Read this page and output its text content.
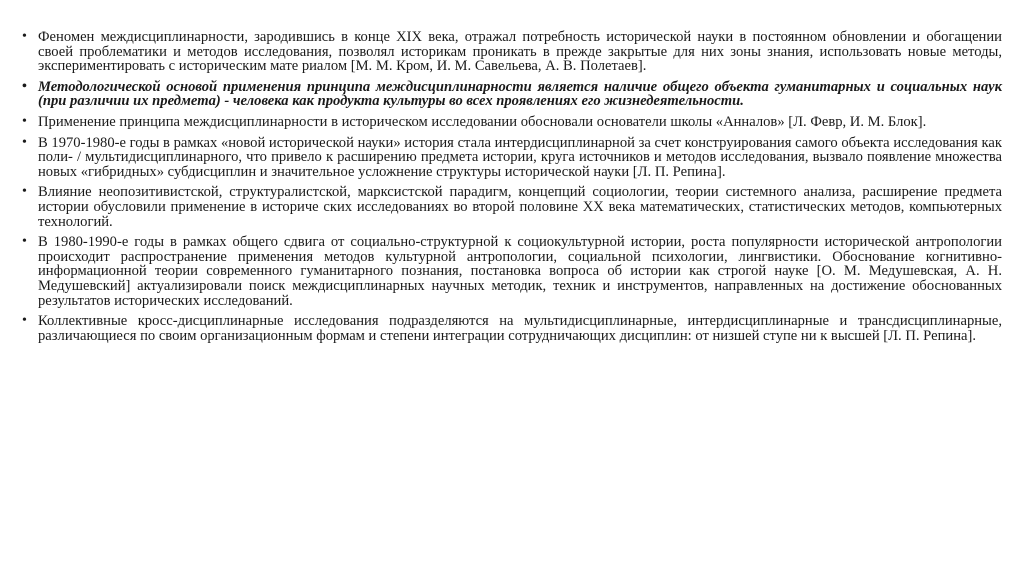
• Феномен междисциплинарности, зародившись в конце XIX века, отражал потребность исторической науки в постоянном обновлении и обогащении своей проблематики и методов исследования, позволял историкам проникать в прежде закрытые для них зоны знания, использовать новые методы, экспериментировать с историческим мате риалом [М. М. Кром, И. М. Савельева, А. В. Полетаев].
• Методологической основой применения принципа междисциплинарности является наличие общего объекта гуманитарных и социальных наук (при различии их предмета) - человека как продукта культуры во всех проявлениях его жизнедеятельности.
• Применение принципа междисциплинарности в историческом исследовании обосновали основатели школы «Анналов» [Л. Февр, И. М. Блок].
• В 1970-1980-е годы в рамках «новой исторической науки» история стала интердисциплинарной за счет конструирования самого объекта исследования как поли- / мультидисциплинарного, что привело к расширению предмета истории, круга источников и методов исследования, вызвало появление множества новых «гибридных» субдисциплин и значительное усложнение структуры исторической науки [Л. П. Репина].
• Влияние неопозитивистской, структуралистской, марксистской парадигм, концепций социологии, теории системного анализа, расширение предмета истории обусловили применение в историче ских исследованиях во второй половине ХХ века математических, статистических методов, компьютерных технологий.
• В 1980-1990-е годы в рамках общего сдвига от социально-структурной к социокультурной истории, роста популярности исторической антропологии происходит распространение применения методов культурной антропологии, социальной психологии, лингвистики. Обоснование когнитивно-информационной теории современного гуманитарного познания, постановка вопроса об истории как строгой науке [О. М. Медушевская, А. Н. Медушевский] актуализировали поиск междисциплинарных научных методик, техник и инструментов, направленных на достижение обоснованных результатов исторических исследований.
• Коллективные кросс-дисциплинарные исследования подразделяются на мультидисциплинарные, интердисциплинарные и трансдисциплинарные, различающиеся по своим организационным формам и степени интеграции сотрудничающих дисциплин: от низшей ступе ни к высшей [Л. П. Репина].
